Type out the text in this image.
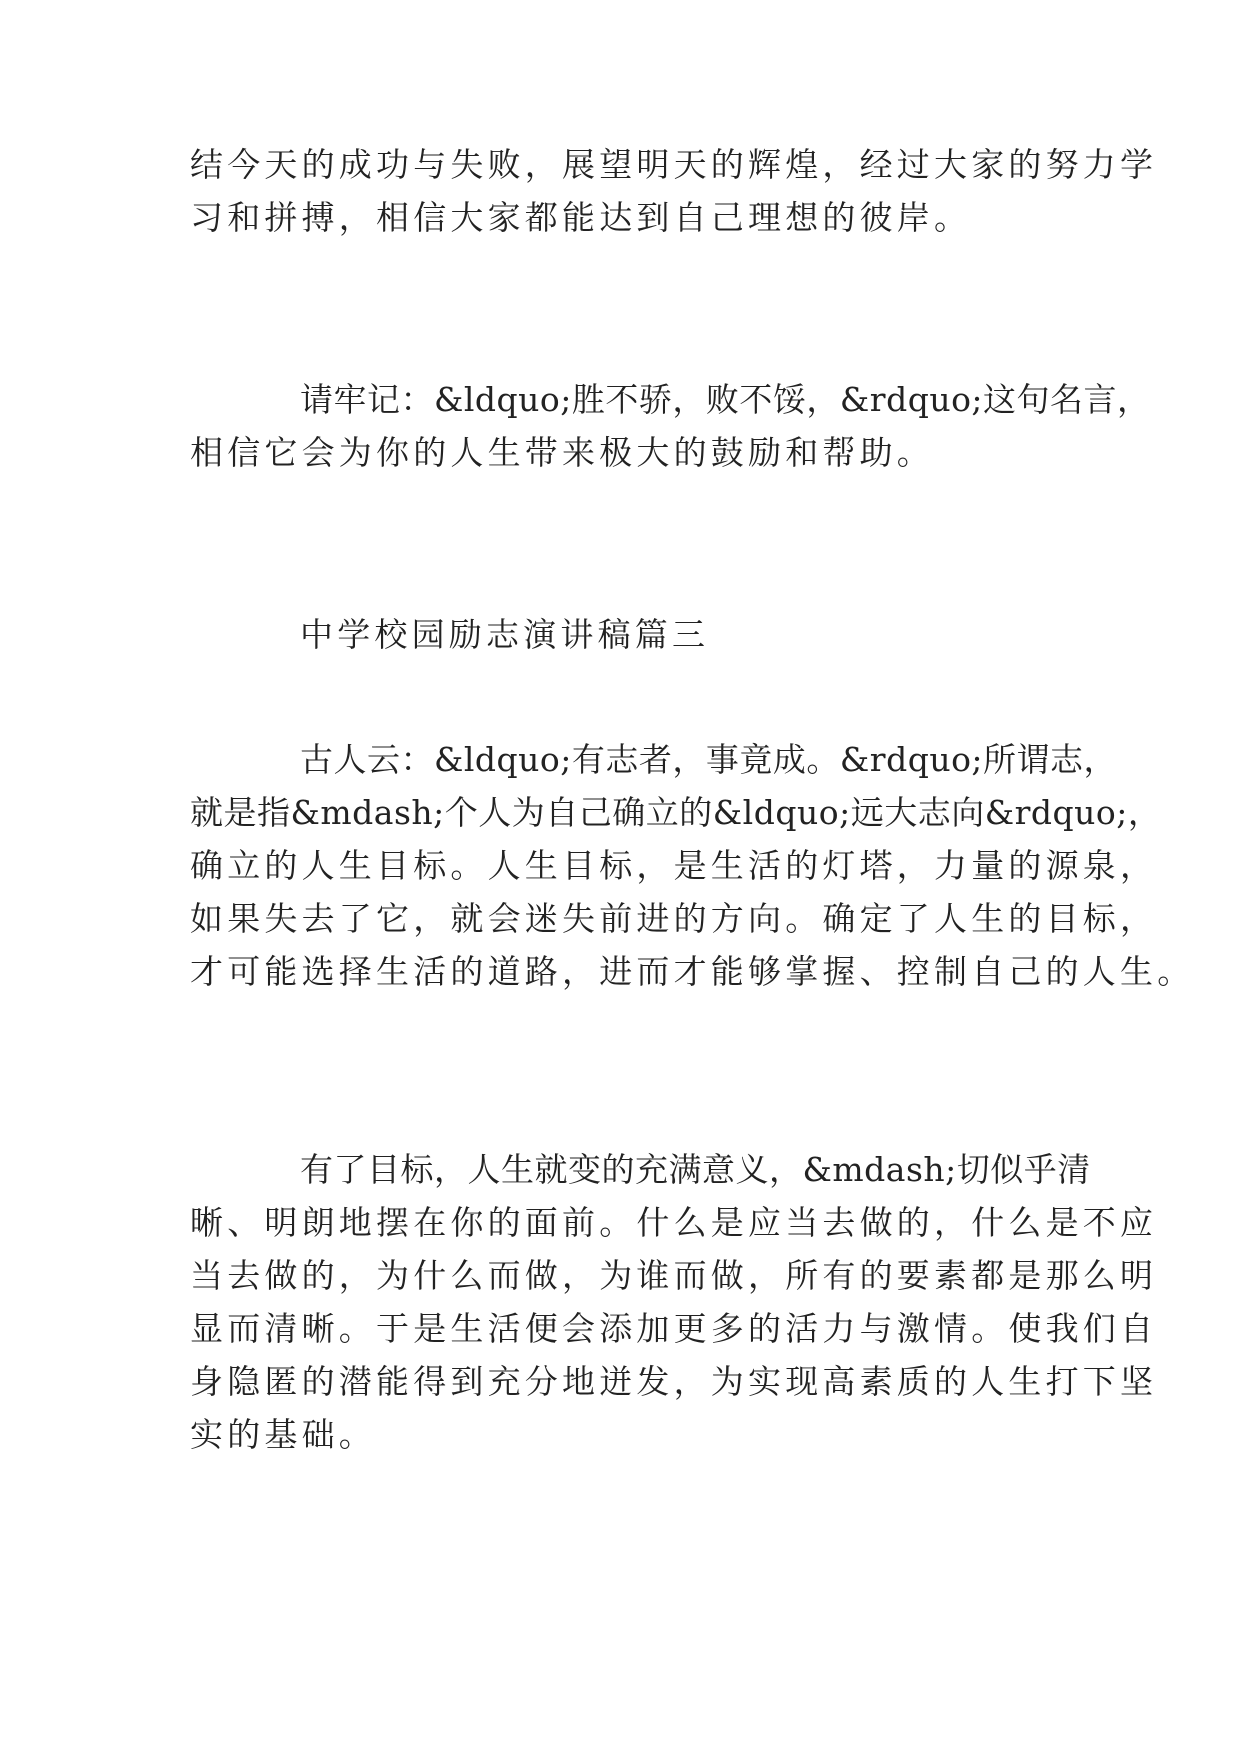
结今天的成功与失败，展望明天的辉煌，经过大家的努力学
习和拼搏，相信大家都能达到自己理想的彼岸。
请牢记：&ldquo;胜不骄，败不馁，&rdquo;这句名言，
相信它会为你的人生带来极大的鼓励和帮助。
中学校园励志演讲稿篇三
古人云：&ldquo;有志者，事竟成。&rdquo;所谓志，
就是指&mdash;个人为自己确立的&ldquo;远大志向&rdquo;，
确立的人生目标。人生目标，是生活的灯塔，力量的源泉，
如果失去了它，就会迷失前进的方向。确定了人生的目标，
才可能选择生活的道路，进而才能够掌握、控制自己的人生。
有了目标，人生就变的充满意义，&mdash;切似乎清
晰、明朗地摆在你的面前。什么是应当去做的，什么是不应
当去做的，为什么而做，为谁而做，所有的要素都是那么明
显而清晰。于是生活便会添加更多的活力与激情。使我们自
身隐匿的潜能得到充分地迸发，为实现高素质的人生打下坚
实的基础。
